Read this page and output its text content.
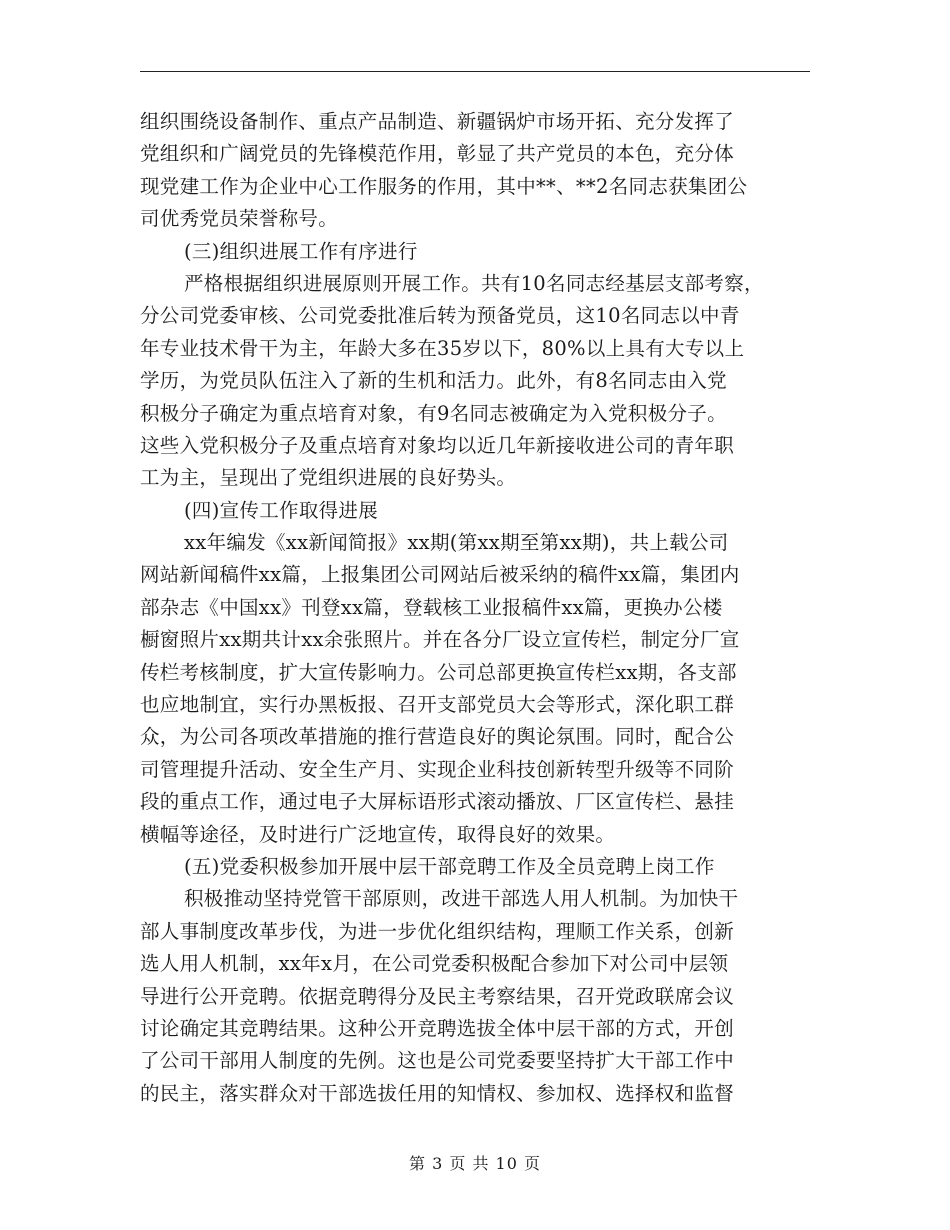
组织围绕设备制作、重点产品制造、新疆锅炉市场开拓、充分发挥了
党组织和广阔党员的先锋模范作用，彰显了共产党员的本色，充分体
现党建工作为企业中心工作服务的作用，其中**、**2名同志获集团公
司优秀党员荣誉称号。
(三)组织进展工作有序进行
严格根据组织进展原则开展工作。共有10名同志经基层支部考察，
分公司党委审核、公司党委批准后转为预备党员，这10名同志以中青
年专业技术骨干为主，年龄大多在35岁以下，80%以上具有大专以上
学历，为党员队伍注入了新的生机和活力。此外，有8名同志由入党
积极分子确定为重点培育对象，有9名同志被确定为入党积极分子。
这些入党积极分子及重点培育对象均以近几年新接收进公司的青年职
工为主，呈现出了党组织进展的良好势头。
(四)宣传工作取得进展
xx年编发《xx新闻简报》xx期(第xx期至第xx期)，共上载公司
网站新闻稿件xx篇，上报集团公司网站后被采纳的稿件xx篇，集团内
部杂志《中国xx》刊登xx篇，登载核工业报稿件xx篇，更换办公楼
橱窗照片xx期共计xx余张照片。并在各分厂设立宣传栏，制定分厂宣
传栏考核制度，扩大宣传影响力。公司总部更换宣传栏xx期，各支部
也应地制宜，实行办黑板报、召开支部党员大会等形式，深化职工群
众，为公司各项改革措施的推行营造良好的舆论氛围。同时，配合公
司管理提升活动、安全生产月、实现企业科技创新转型升级等不同阶
段的重点工作，通过电子大屏标语形式滚动播放、厂区宣传栏、悬挂
横幅等途径，及时进行广泛地宣传，取得良好的效果。
(五)党委积极参加开展中层干部竞聘工作及全员竞聘上岗工作
积极推动坚持党管干部原则，改进干部选人用人机制。为加快干
部人事制度改革步伐，为进一步优化组织结构，理顺工作关系，创新
选人用人机制，xx年x月，在公司党委积极配合参加下对公司中层领
导进行公开竞聘。依据竞聘得分及民主考察结果，召开党政联席会议
讨论确定其竞聘结果。这种公开竞聘选拔全体中层干部的方式，开创
了公司干部用人制度的先例。这也是公司党委要坚持扩大干部工作中
的民主，落实群众对干部选拔任用的知情权、参加权、选择权和监督
第 3 页 共 10 页
